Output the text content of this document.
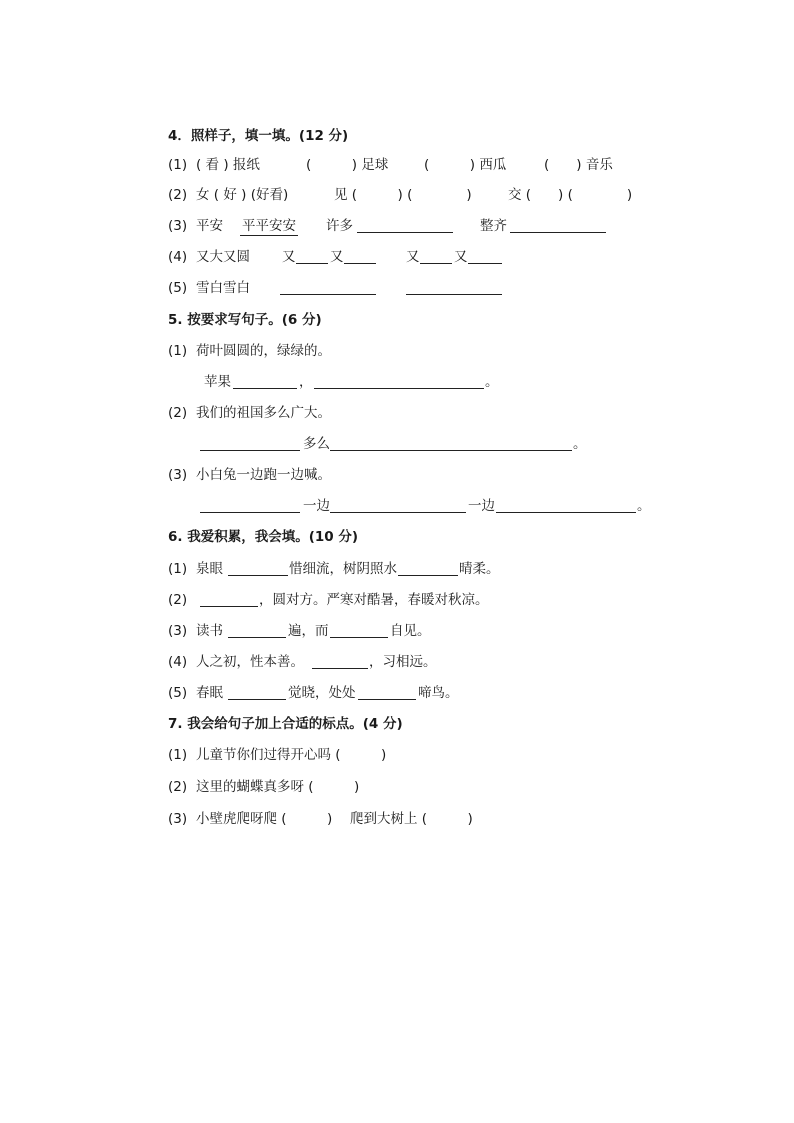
4．照样子，填一填。(12 分)
(1) ( 看 ) 报纸	(　　　) 足球	(　　　) 西瓜	(　　) 音乐
(2) 女 ( 好 ) (好看)	见 (　　　) (　　　　)	交 (　　) (　　　　)
(3) 平安 平平安安 许多	整齐
(4) 又大又圆 又	又	又	又
(5) 雪白雪白
5. 按要求写句子。(6 分)
(1) 荷叶圆圆的，绿绿的。
苹果	，	。
(2) 我们的祖国多么广大。
多么	。
(3) 小白兔一边跑一边喊。
一边	一边	。
6. 我爱积累，我会填。(10 分)
(1) 泉眼	惜细流，树阴照水	晴柔。
(2)	，圆对方。严寒对酷暑，春暖对秋凉。
(3) 读书	遍，而	自见。
(4) 人之初，性本善。	，习相远。
(5) 春眠	觉晓，处处	啼鸟。
7. 我会给句子加上合适的标点。(4 分)
(1) 儿童节你们过得开心吗 (　　　)
(2) 这里的蝴蝶真多呀 (　　　)
(3) 小壁虎爬呀爬 (　　　) 爬到大树上 (　　　)
